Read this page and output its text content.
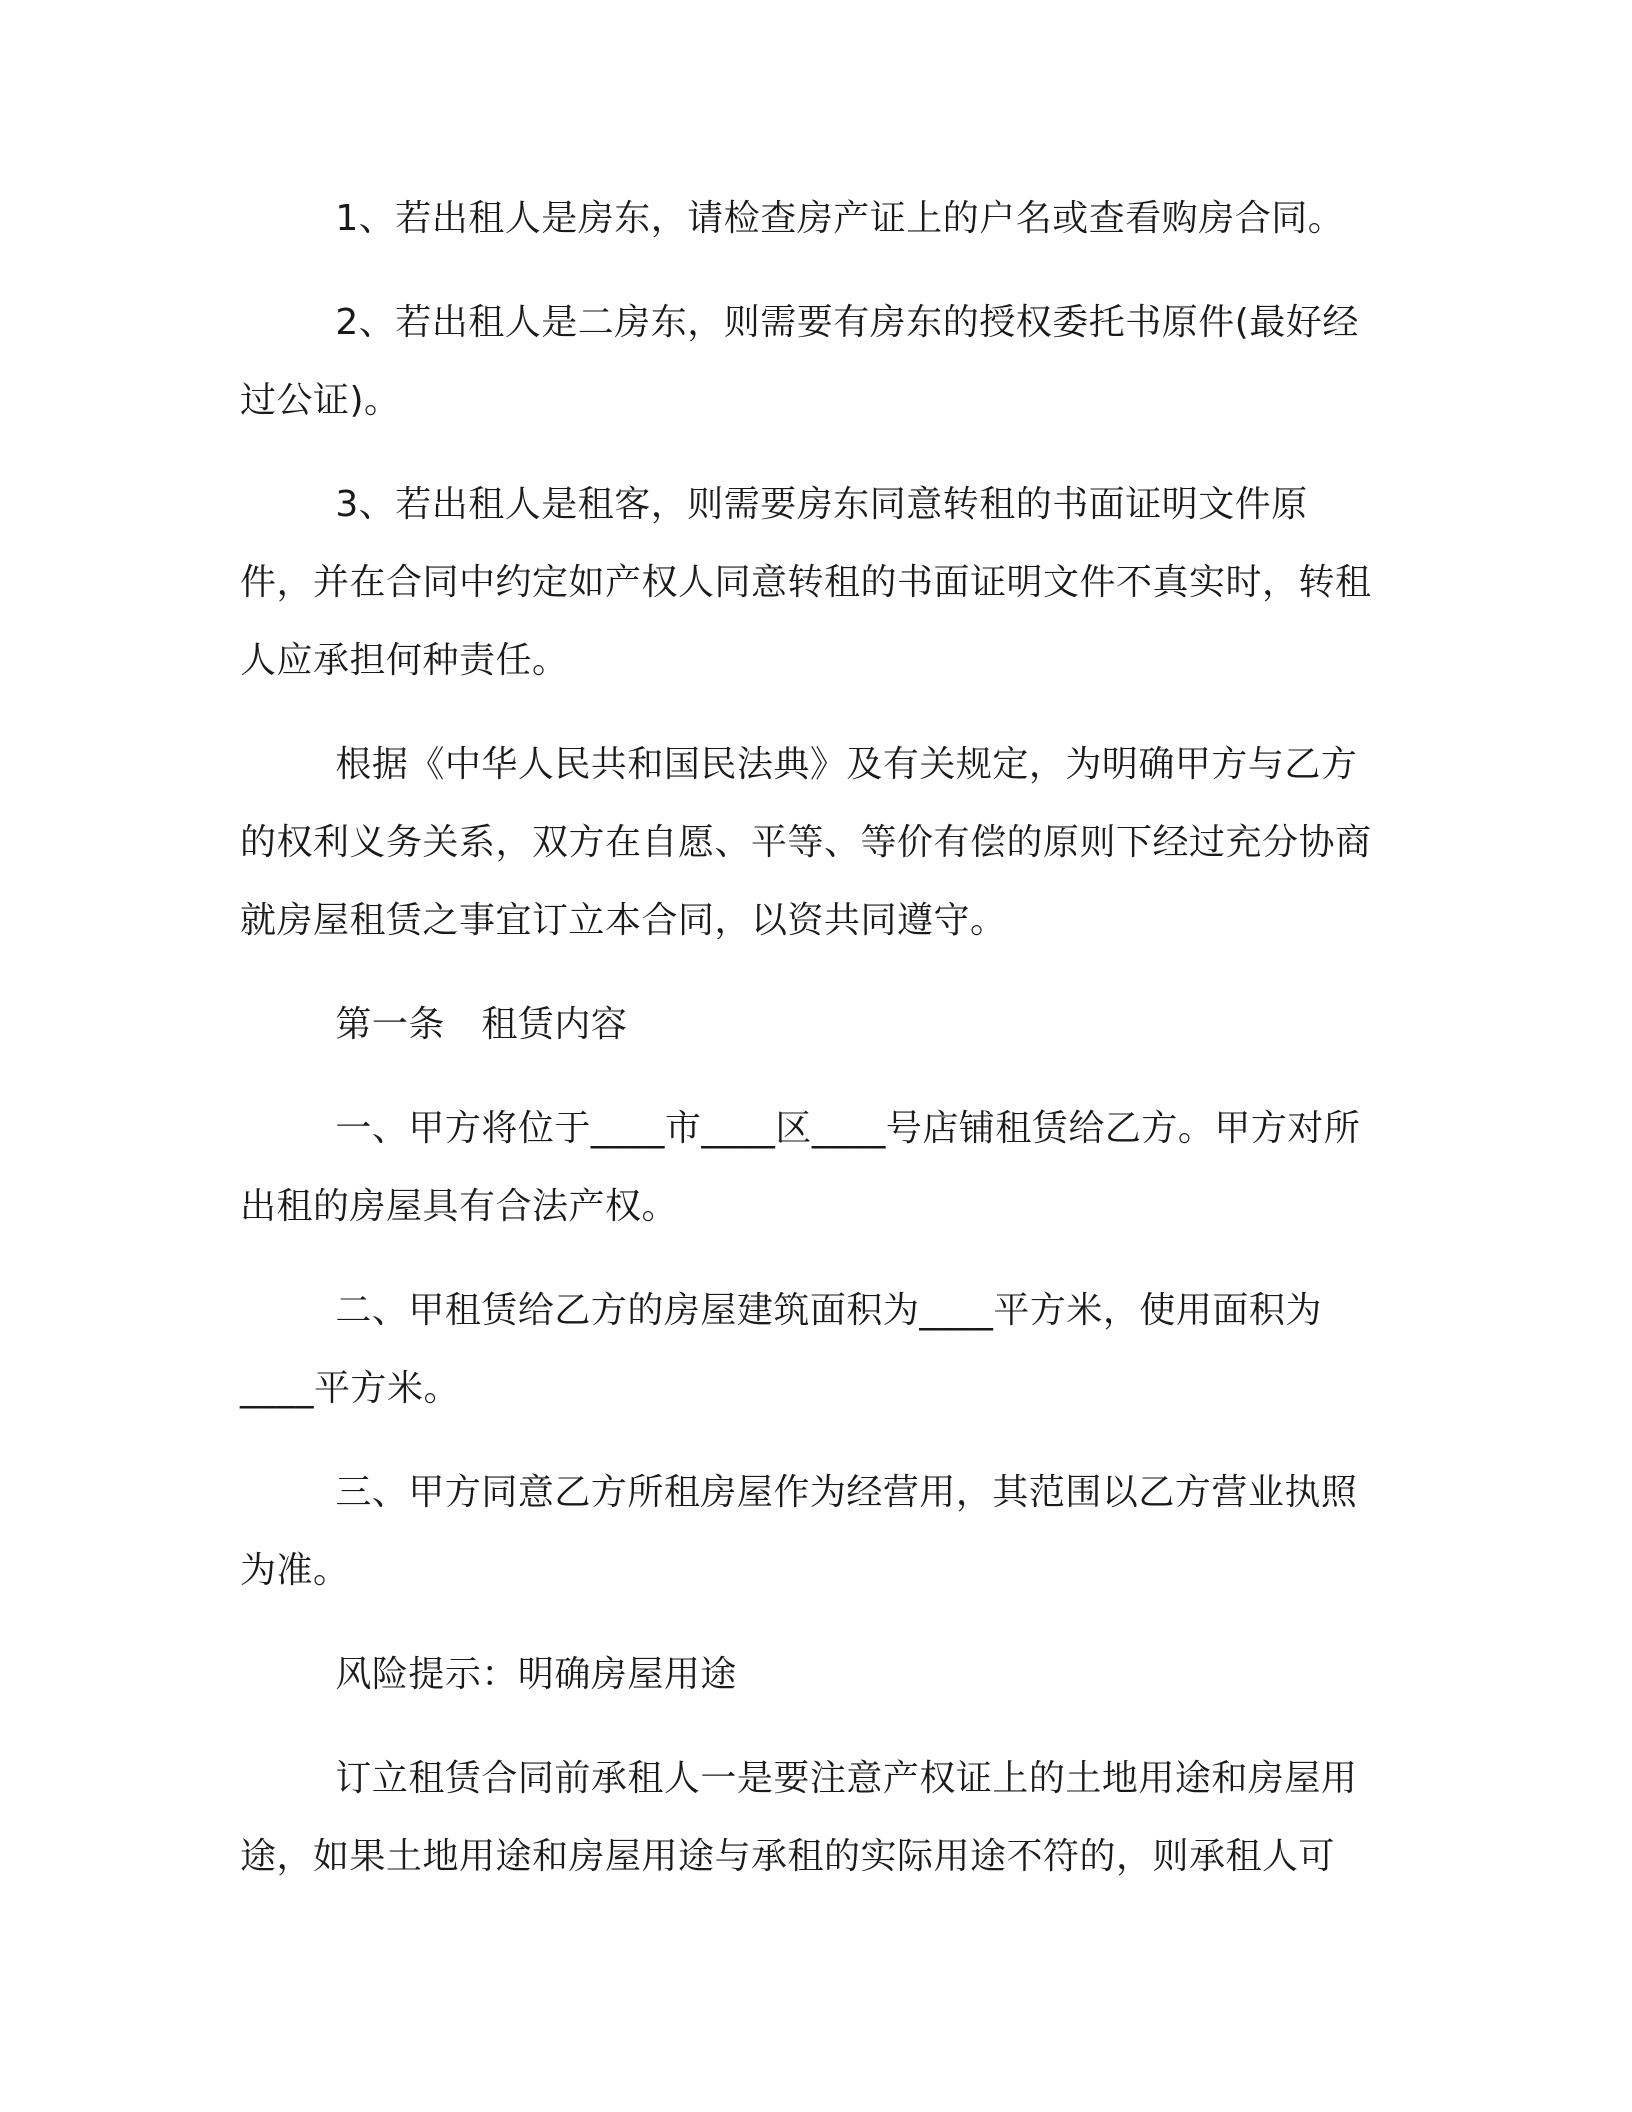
1、若出租人是房东，请检查房产证上的户名或查看购房合同。

2、若出租人是二房东，则需要有房东的授权委托书原件(最好经过公证)。

3、若出租人是租客，则需要房东同意转租的书面证明文件原件，并在合同中约定如产权人同意转租的书面证明文件不真实时，转租人应承担何种责任。

根据《中华人民共和国民法典》及有关规定，为明确甲方与乙方的权利义务关系，双方在自愿、平等、等价有偿的原则下经过充分协商就房屋租赁之事宜订立本合同，以资共同遵守。

第一条　租赁内容

一、甲方将位于____市____区____号店铺租赁给乙方。甲方对所出租的房屋具有合法产权。

二、甲租赁给乙方的房屋建筑面积为____平方米，使用面积为____平方米。

三、甲方同意乙方所租房屋作为经营用，其范围以乙方营业执照为准。

风险提示：明确房屋用途

订立租赁合同前承租人一是要注意产权证上的土地用途和房屋用途，如果土地用途和房屋用途与承租的实际用途不符的，则承租人可
